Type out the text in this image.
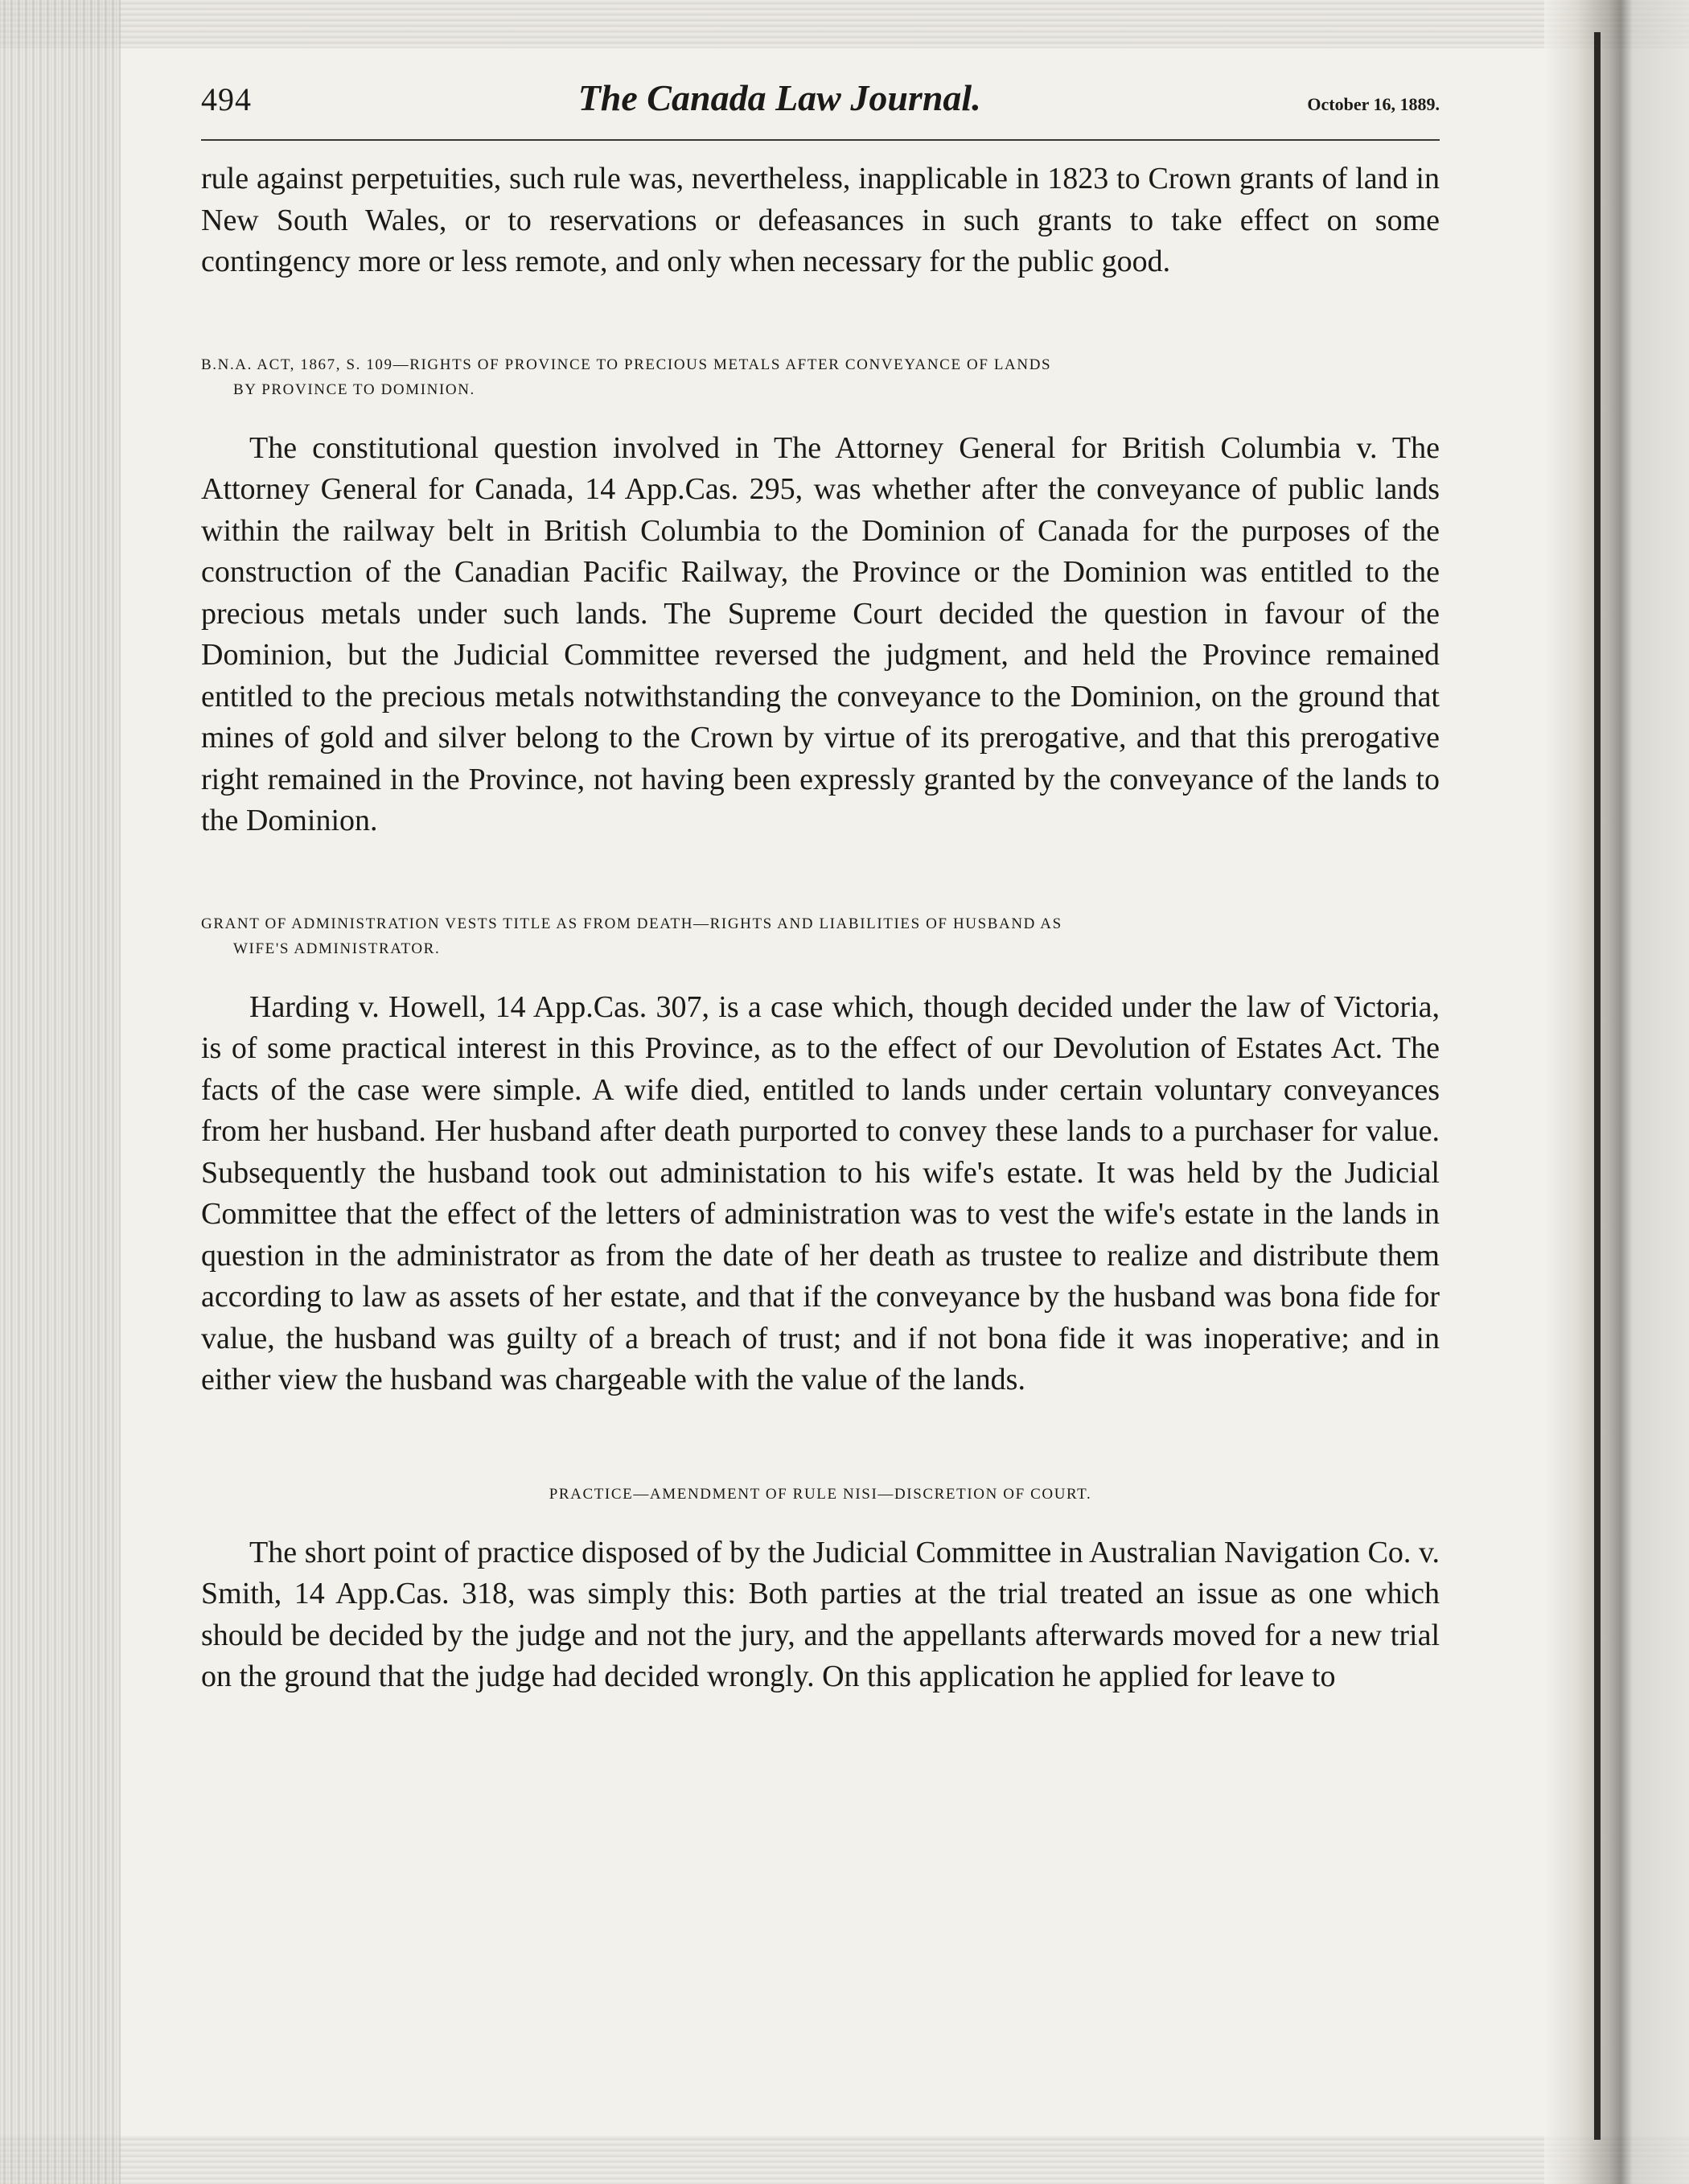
494	The Canada Law Journal.	October 16, 1889.

rule against perpetuities, such rule was, nevertheless, inapplicable in 1823 to Crown grants of land in New South Wales, or to reservations or defeasances in such grants to take effect on some contingency more or less remote, and only when necessary for the public good.

B.N.A. ACT, 1867, S. 109—RIGHTS OF PROVINCE TO PRECIOUS METALS AFTER CONVEYANCE OF LANDS
BY PROVINCE TO DOMINION.

The constitutional question involved in The Attorney General for British Columbia v. The Attorney General for Canada, 14 App.Cas. 295, was whether after the conveyance of public lands within the railway belt in British Columbia to the Dominion of Canada for the purposes of the construction of the Canadian Pacific Railway, the Province or the Dominion was entitled to the precious metals under such lands. The Supreme Court decided the question in favour of the Dominion, but the Judicial Committee reversed the judgment, and held the Province remained entitled to the precious metals notwithstanding the conveyance to the Dominion, on the ground that mines of gold and silver belong to the Crown by virtue of its prerogative, and that this prerogative right remained in the Province, not having been expressly granted by the conveyance of the lands to the Dominion.

GRANT OF ADMINISTRATION VESTS TITLE AS FROM DEATH—RIGHTS AND LIABILITIES OF HUSBAND AS
WIFE'S ADMINISTRATOR.

Harding v. Howell, 14 App.Cas. 307, is a case which, though decided under the law of Victoria, is of some practical interest in this Province, as to the effect of our Devolution of Estates Act. The facts of the case were simple. A wife died, entitled to lands under certain voluntary conveyances from her husband. Her husband after death purported to convey these lands to a purchaser for value. Subsequently the husband took out administation to his wife's estate. It was held by the Judicial Committee that the effect of the letters of administration was to vest the wife's estate in the lands in question in the administrator as from the date of her death as trustee to realize and distribute them according to law as assets of her estate, and that if the conveyance by the husband was bona fide for value, the husband was guilty of a breach of trust; and if not bona fide it was inoperative; and in either view the husband was chargeable with the value of the lands.

PRACTICE—AMENDMENT OF RULE NISI—DISCRETION OF COURT.

The short point of practice disposed of by the Judicial Committee in Australian Navigation Co. v. Smith, 14 App.Cas. 318, was simply this: Both parties at the trial treated an issue as one which should be decided by the judge and not the jury, and the appellants afterwards moved for a new trial on the ground that the judge had decided wrongly. On this application he applied for leave to
